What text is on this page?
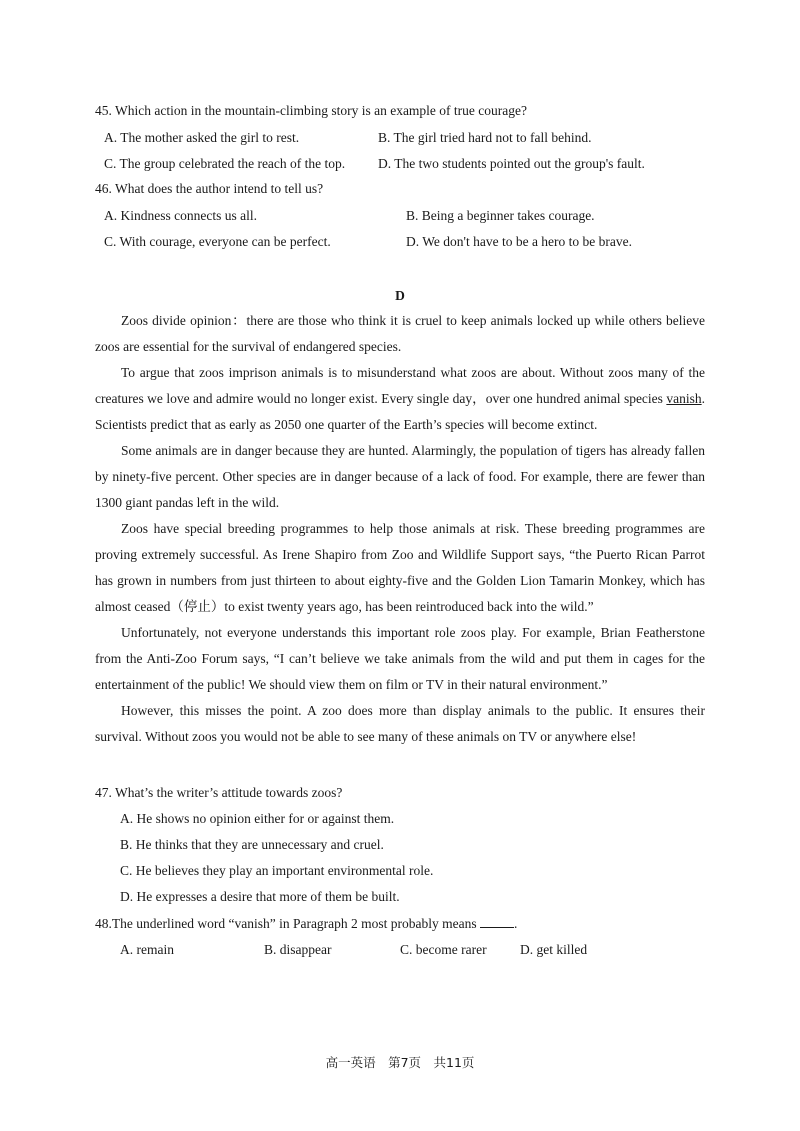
45. Which action in the mountain-climbing story is an example of true courage?
A. The mother asked the girl to rest.	B. The girl tried hard not to fall behind.
C. The group celebrated the reach of the top. D. The two students pointed out the group's fault.
46. What does the author intend to tell us?
A. Kindness connects us all.	B. Being a beginner takes courage.
C. With courage, everyone can be perfect.	D. We don't have to be a hero to be brave.
D

Zoos divide opinion：there are those who think it is cruel to keep animals locked up while others believe zoos are essential for the survival of endangered species.

To argue that zoos imprison animals is to misunderstand what zoos are about. Without zoos many of the creatures we love and admire would no longer exist. Every single day，over one hundred animal species vanish. Scientists predict that as early as 2050 one quarter of the Earth’s species will become extinct.

Some animals are in danger because they are hunted. Alarmingly, the population of tigers has already fallen by ninety-five percent. Other species are in danger because of a lack of food. For example, there are fewer than 1300 giant pandas left in the wild.

Zoos have special breeding programmes to help those animals at risk. These breeding programmes are proving extremely successful. As Irene Shapiro from Zoo and Wildlife Support says, “the Puerto Rican Parrot has grown in numbers from just thirteen to about eighty-five and the Golden Lion Tamarin Monkey, which has almost ceased（停止）to exist twenty years ago, has been reintroduced back into the wild.”

Unfortunately, not everyone understands this important role zoos play. For example, Brian Featherstone from the Anti-Zoo Forum says, “I can’t believe we take animals from the wild and put them in cages for the entertainment of the public! We should view them on film or TV in their natural environment.”

However, this misses the point. A zoo does more than display animals to the public. It ensures their survival. Without zoos you would not be able to see many of these animals on TV or anywhere else!

47. What’s the writer’s attitude towards zoos?
A. He shows no opinion either for or against them.
B. He thinks that they are unnecessary and cruel.
C. He believes they play an important environmental role.
D. He expresses a desire that more of them be built.
48.The underlined word “vanish” in Paragraph 2 most probably means	.
A. remain	B. disappear	C. become rarer D. get killed
高一英语　第7页　共11页
